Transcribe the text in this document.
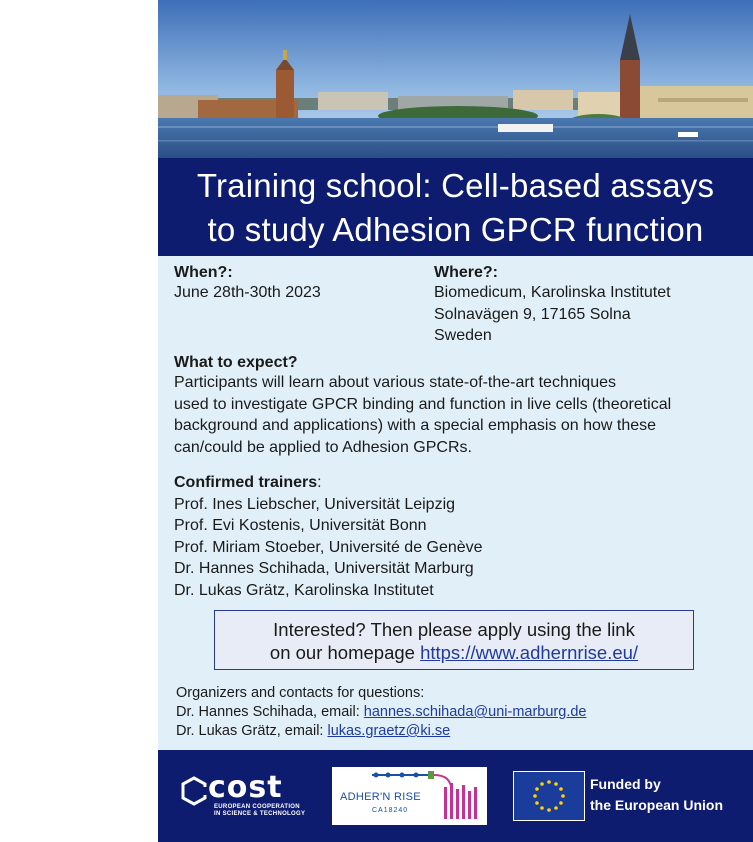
Training school: Cell-based assays
to study Adhesion GPCR function
When?:
June 28th-30th 2023
Where?:
Biomedicum, Karolinska Institutet
Solnavägen 9, 17165 Solna
Sweden
What to expect?
Participants will learn about various state-of-the-art techniques
used to investigate GPCR binding and function in live cells (theoretical
background and applications) with a special emphasis on how these
can/could be applied to Adhesion GPCRs.
Confirmed trainers:
Prof. Ines Liebscher, Universität Leipzig
Prof. Evi Kostenis, Universität Bonn
Prof. Miriam Stoeber, Université de Genève
Dr. Hannes Schihada, Universität Marburg
Dr. Lukas Grätz, Karolinska Institutet
Interested? Then please apply using the link
on our homepage https://www.adhernrise.eu/
Organizers and contacts for questions:
Dr. Hannes Schihada, email: hannes.schihada@uni-marburg.de
Dr. Lukas Grätz, email: lukas.graetz@ki.se
cost
EUROPEAN COOPERATION
IN SCIENCE & TECHNOLOGY
ADHER'N RISE
CA18240
Funded by
the European Union
